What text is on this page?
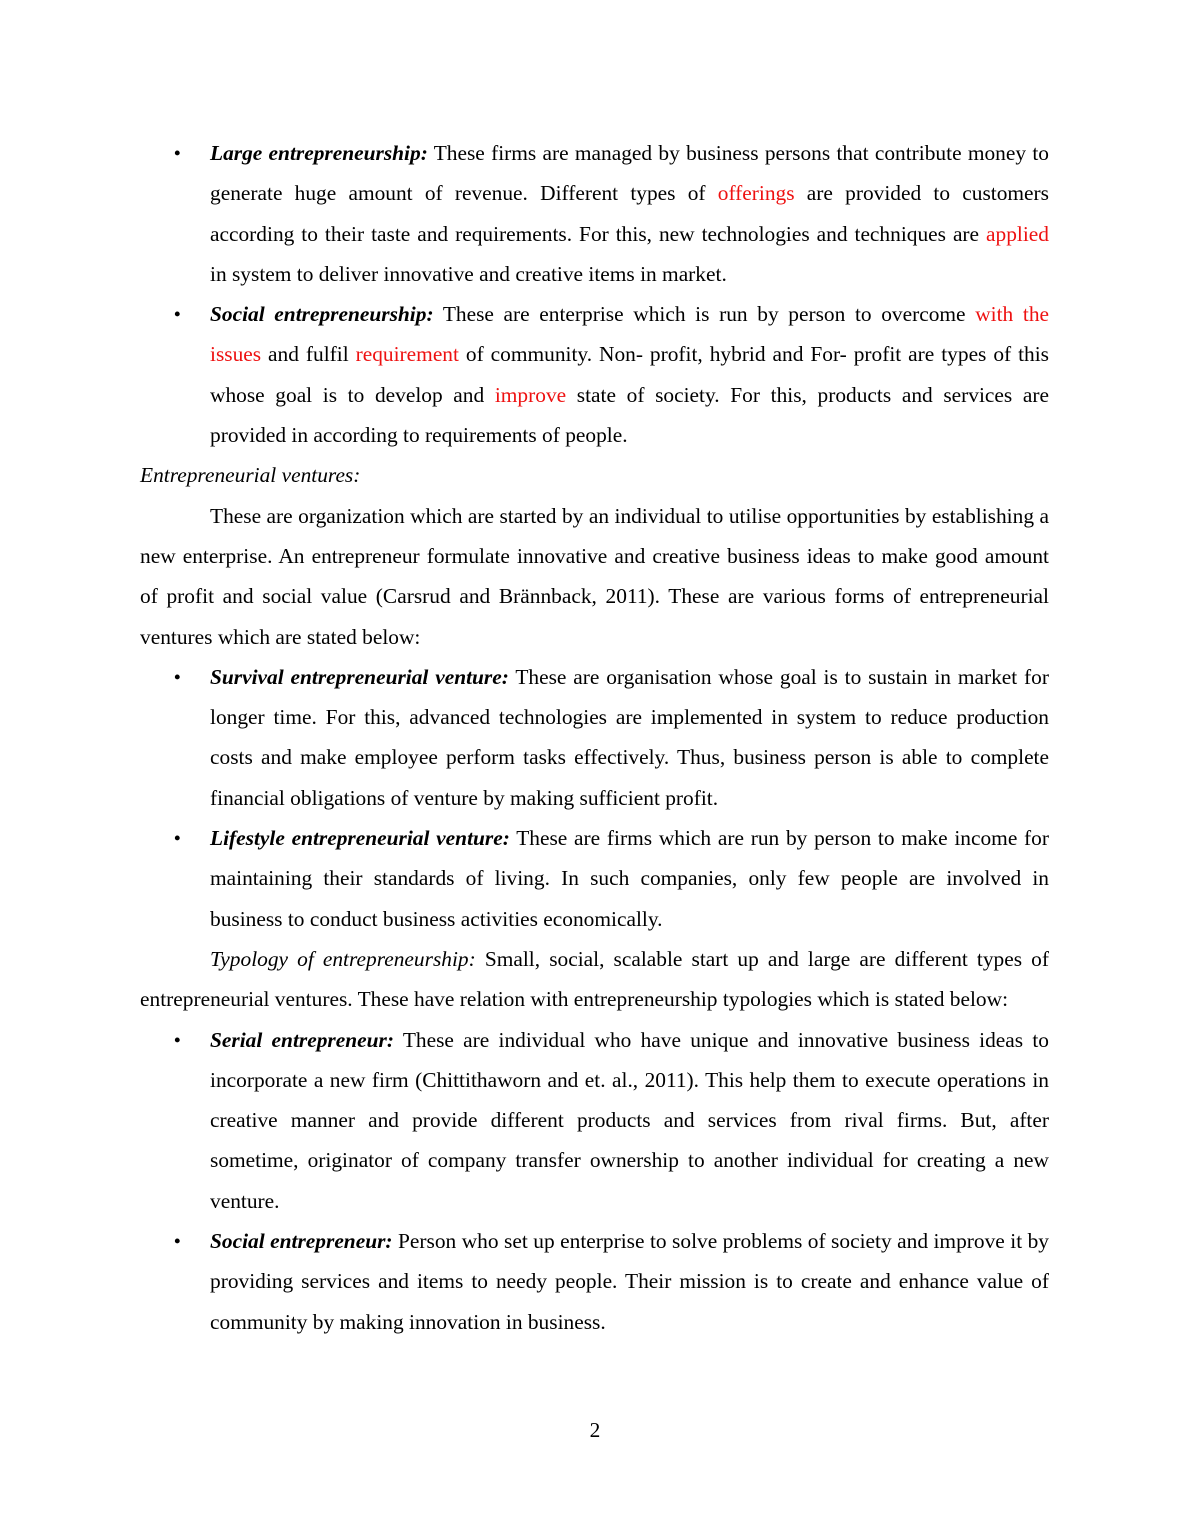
• Large entrepreneurship: These firms are managed by business persons that contribute money to generate huge amount of revenue. Different types of offerings are provided to customers according to their taste and requirements. For this, new technologies and techniques are applied in system to deliver innovative and creative items in market.
• Social entrepreneurship: These are enterprise which is run by person to overcome with the issues and fulfil requirement of community. Non- profit, hybrid and For- profit are types of this whose goal is to develop and improve state of society. For this, products and services are provided in according to requirements of people.

Entrepreneurial ventures:

These are organization which are started by an individual to utilise opportunities by establishing a new enterprise. An entrepreneur formulate innovative and creative business ideas to make good amount of profit and social value (Carsrud and Brännback, 2011). These are various forms of entrepreneurial ventures which are stated below:

• Survival entrepreneurial venture: These are organisation whose goal is to sustain in market for longer time. For this, advanced technologies are implemented in system to reduce production costs and make employee perform tasks effectively. Thus, business person is able to complete financial obligations of venture by making sufficient profit.
• Lifestyle entrepreneurial venture: These are firms which are run by person to make income for maintaining their standards of living. In such companies, only few people are involved in business to conduct business activities economically.

Typology of entrepreneurship: Small, social, scalable start up and large are different types of entrepreneurial ventures. These have relation with entrepreneurship typologies which is stated below:

• Serial entrepreneur: These are individual who have unique and innovative business ideas to incorporate a new firm (Chittithaworn and et. al., 2011). This help them to execute operations in creative manner and provide different products and services from rival firms. But, after sometime, originator of company transfer ownership to another individual for creating a new venture.
• Social entrepreneur: Person who set up enterprise to solve problems of society and improve it by providing services and items to needy people. Their mission is to create and enhance value of community by making innovation in business.
2
